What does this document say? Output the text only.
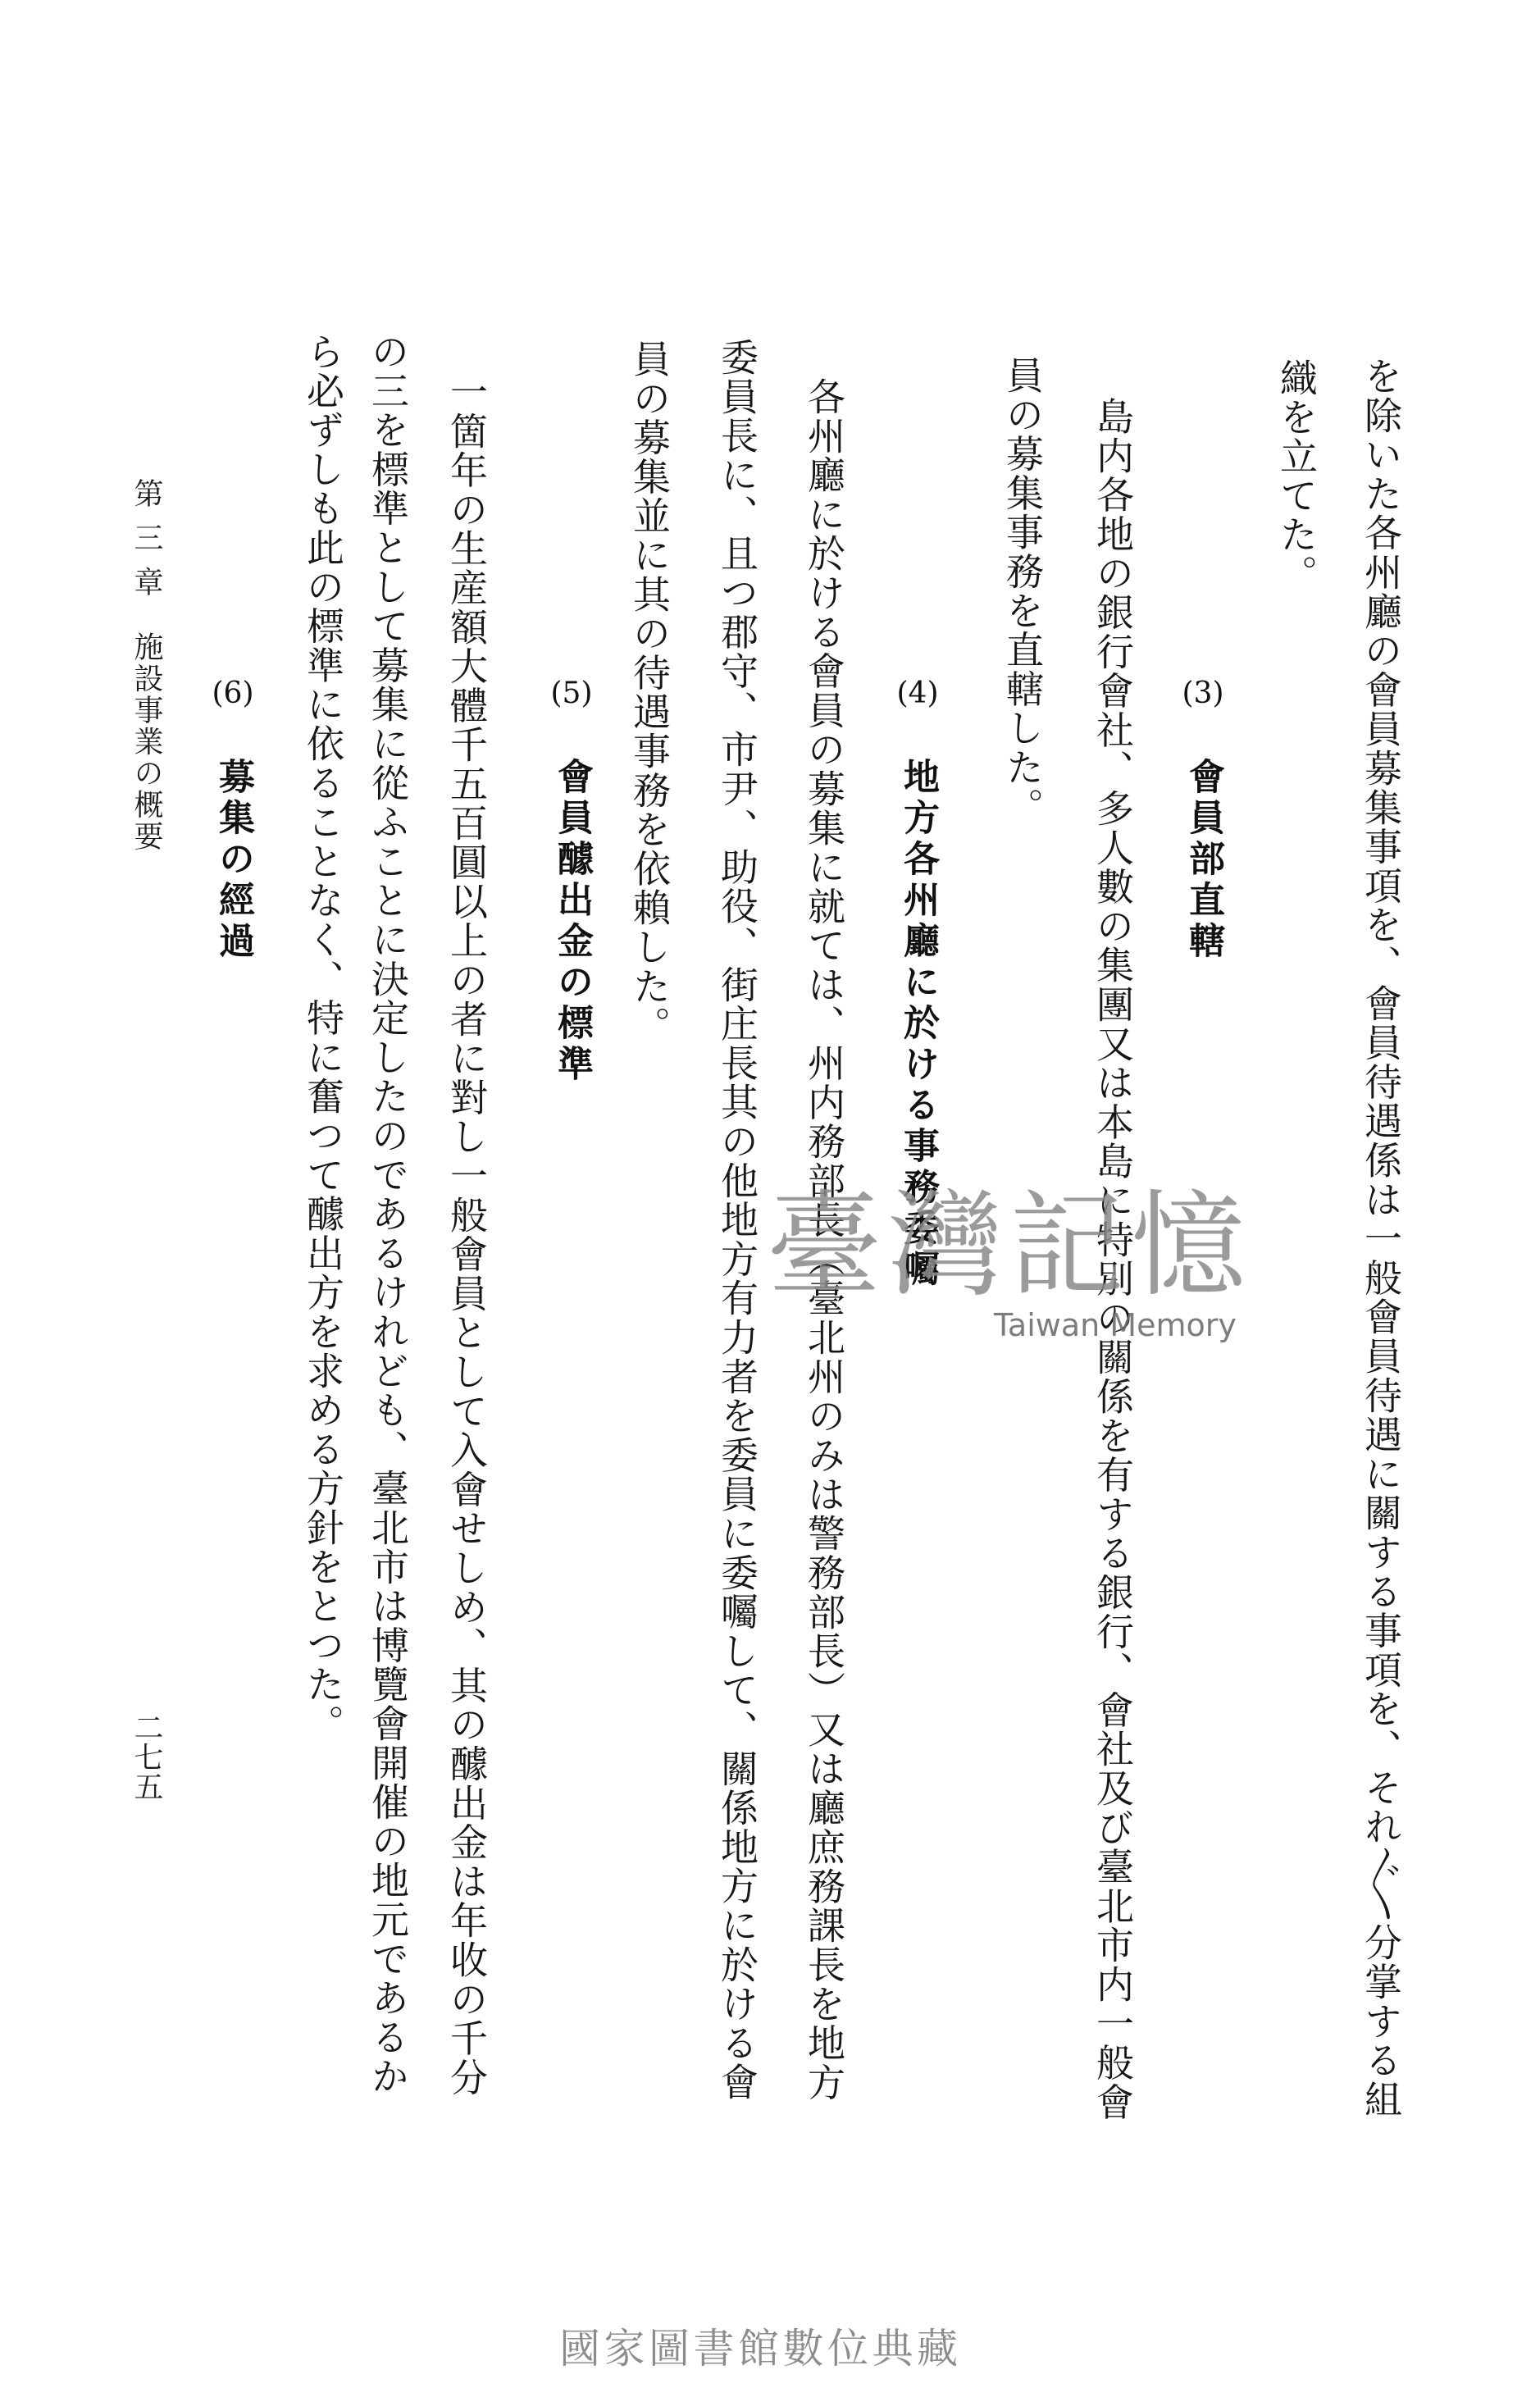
を除いた各州廳の會員募集事項を、會員待遇係は一般會員待遇に關する事項を、それ〴〵分掌する組
織を立てた。
(3)
會員部直轄
島内各地の銀行會社、多人數の集團又は本島に特別の關係を有する銀行、會社及び臺北市内一般會
員の募集事務を直轄した。
(4)
地方各州廳に於ける事務委囑
各州廳に於ける會員の募集に就ては、州内務部長（臺北州のみは警務部長）又は廳庶務課長を地方
委員長に、且つ郡守、市尹、助役、街庄長其の他地方有力者を委員に委囑して、關係地方に於ける會
員の募集並に其の待遇事務を依賴した。
(5)
會員醵出金の標準
一箇年の生産額大體千五百圓以上の者に對し一般會員として入會せしめ、其の醵出金は年收の千分
の三を標準として募集に從ふことに決定したのであるけれども、臺北市は博覽會開催の地元であるか
ら必ずしも此の標準に依ることなく、特に奮つて醵出方を求める方針をとつた。
(6)
募集の經過
第三章
施設事業の概要
二七五
臺灣記憶
Taiwan Memory
國家圖書館數位典藏
